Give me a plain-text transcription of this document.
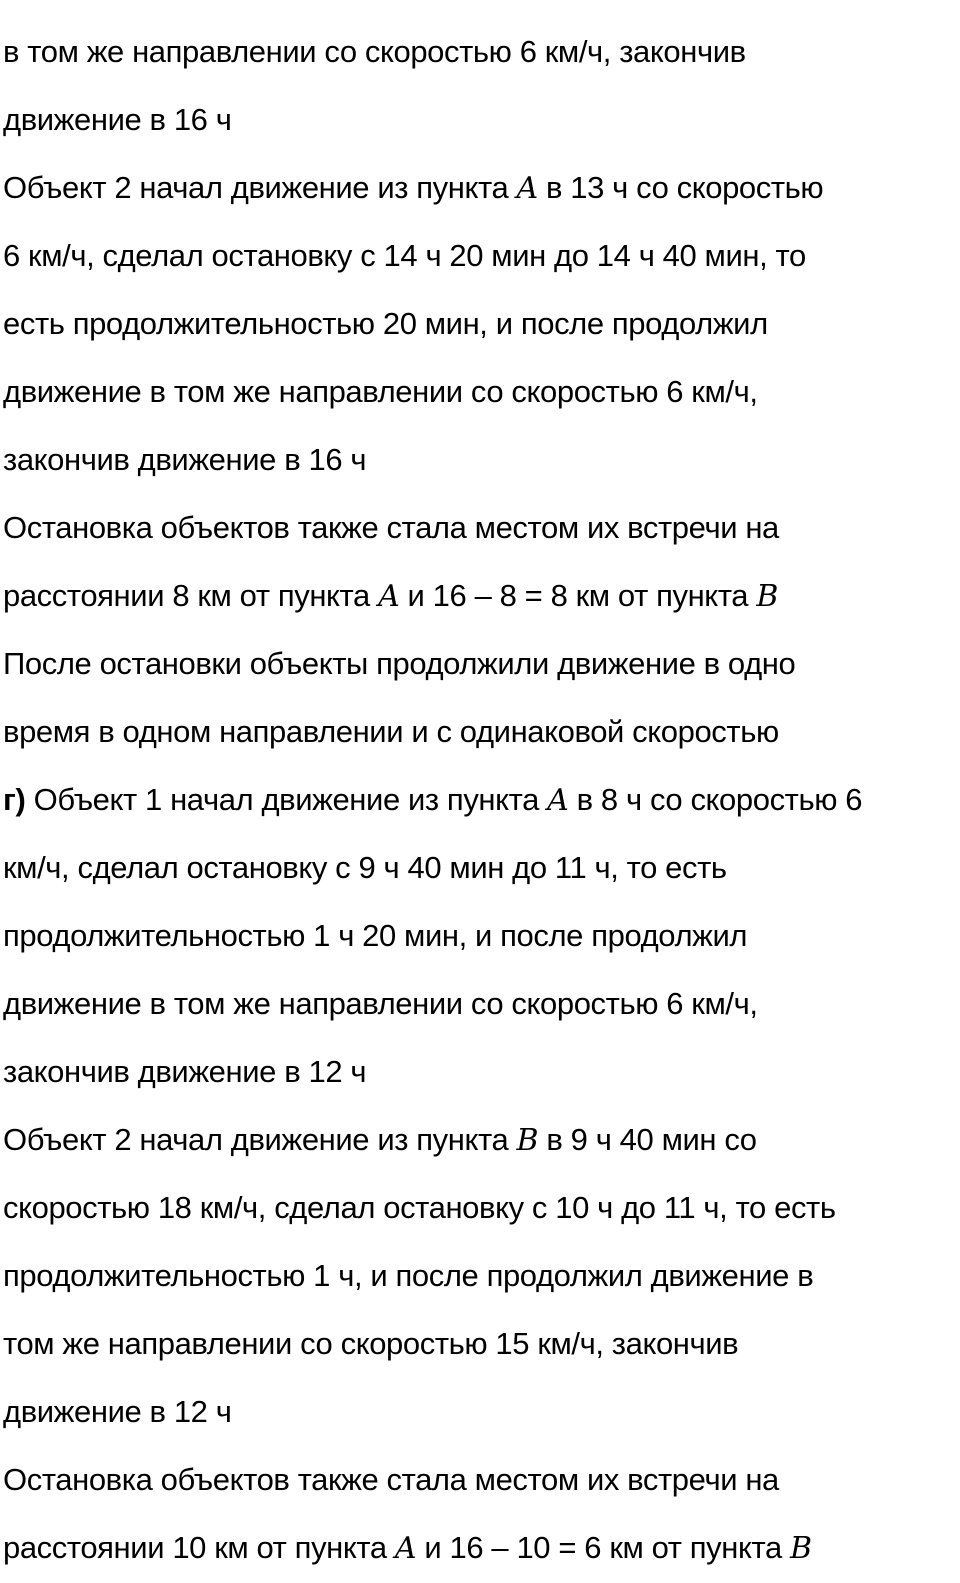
в том же направлении со скоростью 6 км/ч, закончив
движение в 16 ч
Объект 2 начал движение из пункта A в 13 ч со скоростью
6 км/ч, сделал остановку с 14 ч 20 мин до 14 ч 40 мин, то
есть продолжительностью 20 мин, и после продолжил
движение в том же направлении со скоростью 6 км/ч,
закончив движение в 16 ч
Остановка объектов также стала местом их встречи на
расстоянии 8 км от пункта A и 16 – 8 = 8 км от пункта B
После остановки объекты продолжили движение в одно
время в одном направлении и с одинаковой скоростью
г) Объект 1 начал движение из пункта A в 8 ч со скоростью 6
км/ч, сделал остановку с 9 ч 40 мин до 11 ч, то есть
продолжительностью 1 ч 20 мин, и после продолжил
движение в том же направлении со скоростью 6 км/ч,
закончив движение в 12 ч
Объект 2 начал движение из пункта B в 9 ч 40 мин со
скоростью 18 км/ч, сделал остановку с 10 ч до 11 ч, то есть
продолжительностью 1 ч, и после продолжил движение в
том же направлении со скоростью 15 км/ч, закончив
движение в 12 ч
Остановка объектов также стала местом их встречи на
расстоянии 10 км от пункта A и 16 – 10 = 6 км от пункта B
